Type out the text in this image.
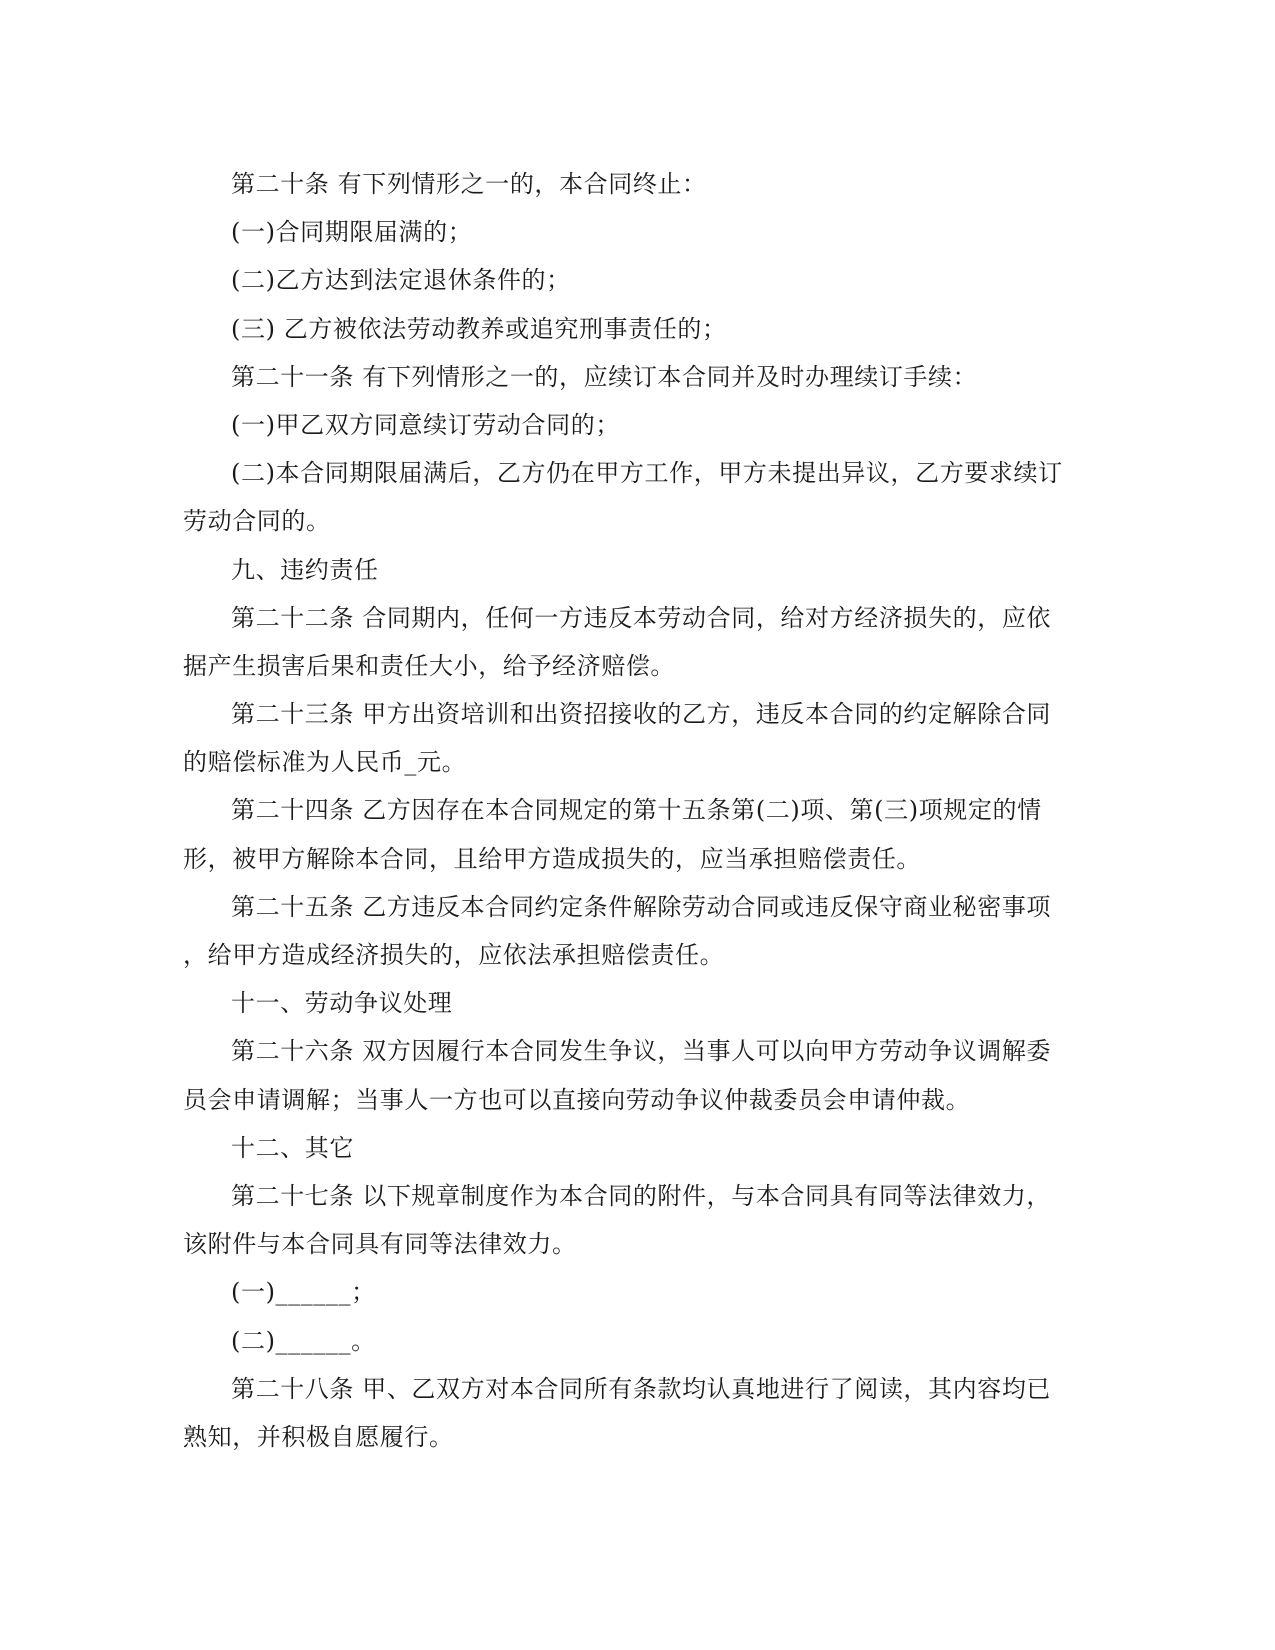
第二十条 有下列情形之一的，本合同终止：
(一)合同期限届满的；
(二)乙方达到法定退休条件的；
(三) 乙方被依法劳动教养或追究刑事责任的；
第二十一条 有下列情形之一的，应续订本合同并及时办理续订手续：
(一)甲乙双方同意续订劳动合同的；
(二)本合同期限届满后，乙方仍在甲方工作，甲方未提出异议，乙方要求续订
劳动合同的。
九、违约责任
第二十二条 合同期内，任何一方违反本劳动合同，给对方经济损失的，应依
据产生损害后果和责任大小，给予经济赔偿。
第二十三条 甲方出资培训和出资招接收的乙方，违反本合同的约定解除合同
的赔偿标准为人民币_元。
第二十四条 乙方因存在本合同规定的第十五条第(二)项、第(三)项规定的情
形，被甲方解除本合同，且给甲方造成损失的，应当承担赔偿责任。
第二十五条 乙方违反本合同约定条件解除劳动合同或违反保守商业秘密事项
，给甲方造成经济损失的，应依法承担赔偿责任。
十一、劳动争议处理
第二十六条 双方因履行本合同发生争议，当事人可以向甲方劳动争议调解委
员会申请调解；当事人一方也可以直接向劳动争议仲裁委员会申请仲裁。
十二、其它
第二十七条 以下规章制度作为本合同的附件，与本合同具有同等法律效力，
该附件与本合同具有同等法律效力。
(一)______；
(二)______。
第二十八条 甲、乙双方对本合同所有条款均认真地进行了阅读，其内容均已
熟知，并积极自愿履行。
